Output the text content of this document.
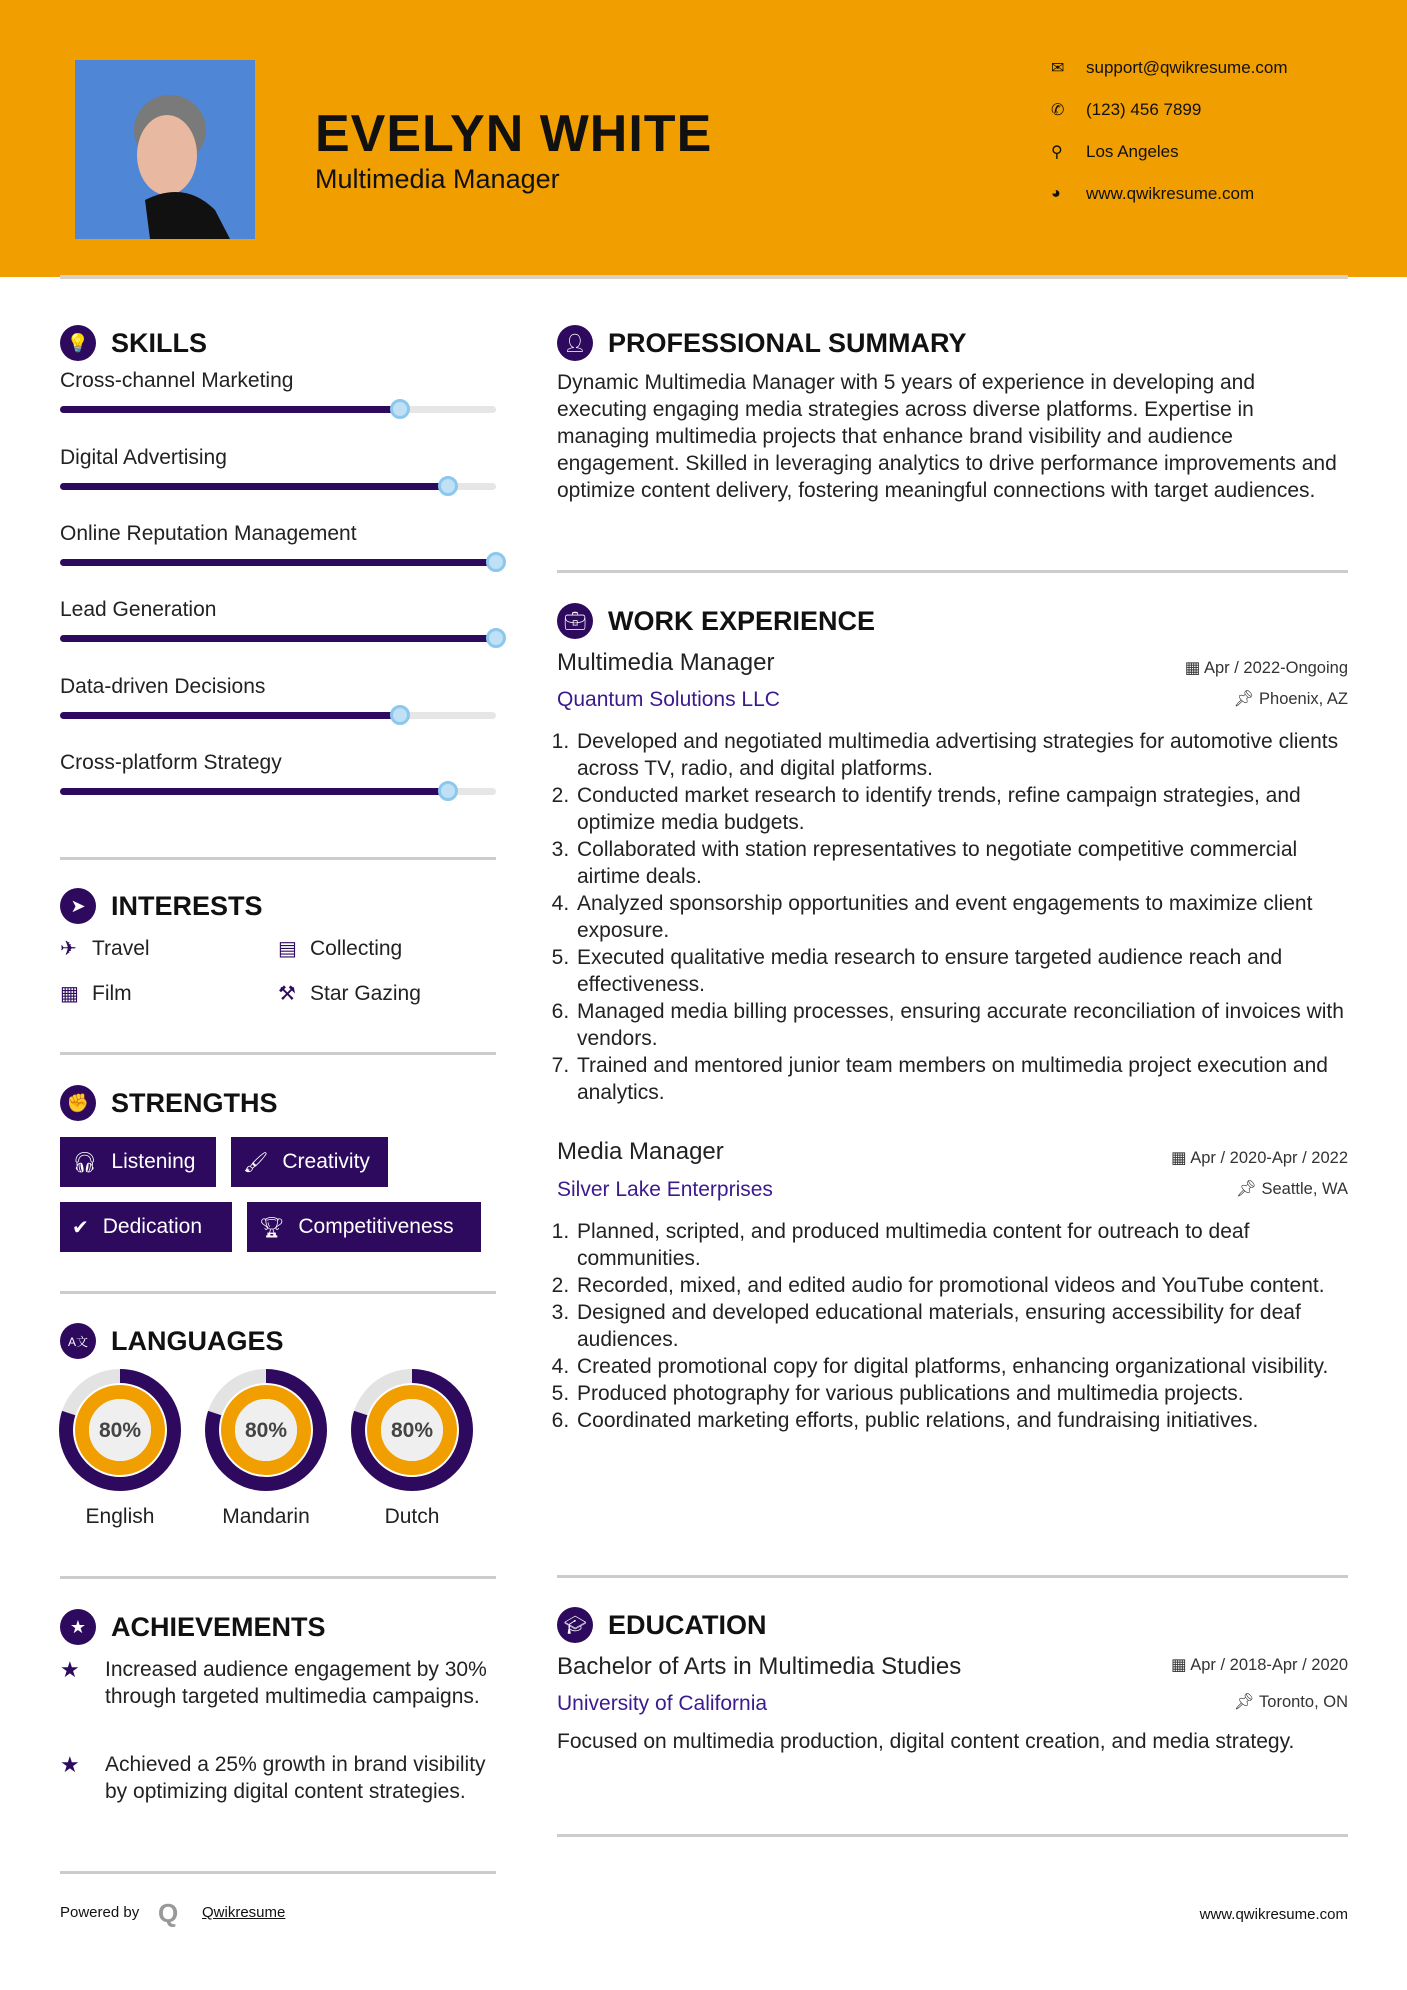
EVELYN WHITE
Multimedia Manager
✉	support@qwikresume.com
✆	(123) 456 7899
⚲	Los Angeles
◕	www.qwikresume.com
💡 SKILLS
Cross-channel Marketing
Digital Advertising
Online Reputation Management
Lead Generation
Data-driven Decisions
Cross-platform Strategy
➤ INTERESTS
✈ Travel	▤ Collecting
▦ Film	⚒ Star Gazing
✊ STRENGTHS
🎧︎ Listening 🖌︎ Creativity
✔ Dedication	🏆︎ Competitiveness
A文 LANGUAGES
80%
English
80%
Mandarin
80%
Dutch
★ ACHIEVEMENTS
★	Increased audience engagement by 30% through targeted multimedia campaigns.
★	Achieved a 25% growth in brand visibility by optimizing digital content strategies.
👤︎ PROFESSIONAL SUMMARY
Dynamic Multimedia Manager with 5 years of experience in developing and executing engaging media strategies across diverse platforms. Expertise in managing multimedia projects that enhance brand visibility and audience engagement. Skilled in leveraging analytics to drive performance improvements and optimize content delivery, fostering meaningful connections with target audiences.
💼︎ WORK EXPERIENCE
Multimedia Manager
Quantum Solutions LLC
▦ Apr / 2022-Ongoing
📌︎ Phoenix, AZ
1. Developed and negotiated multimedia advertising strategies for automotive clients across TV, radio, and digital platforms.
2. Conducted market research to identify trends, refine campaign strategies, and optimize media budgets.
3. Collaborated with station representatives to negotiate competitive commercial airtime deals.
4. Analyzed sponsorship opportunities and event engagements to maximize client exposure.
5. Executed qualitative media research to ensure targeted audience reach and effectiveness.
6. Managed media billing processes, ensuring accurate reconciliation of invoices with vendors.
7. Trained and mentored junior team members on multimedia project execution and analytics.
Media Manager
Silver Lake Enterprises
▦ Apr / 2020-Apr / 2022
📌︎ Seattle, WA
1. Planned, scripted, and produced multimedia content for outreach to deaf communities.
2. Recorded, mixed, and edited audio for promotional videos and YouTube content.
3. Designed and developed educational materials, ensuring accessibility for deaf audiences.
4. Created promotional copy for digital platforms, enhancing organizational visibility.
5. Produced photography for various publications and multimedia projects.
6. Coordinated marketing efforts, public relations, and fundraising initiatives.
🎓︎ EDUCATION
Bachelor of Arts in Multimedia Studies
University of California
▦ Apr / 2018-Apr / 2020
📌︎ Toronto, ON
Focused on multimedia production, digital content creation, and media strategy.
Powered by Q Qwikresume	www.qwikresume.com
